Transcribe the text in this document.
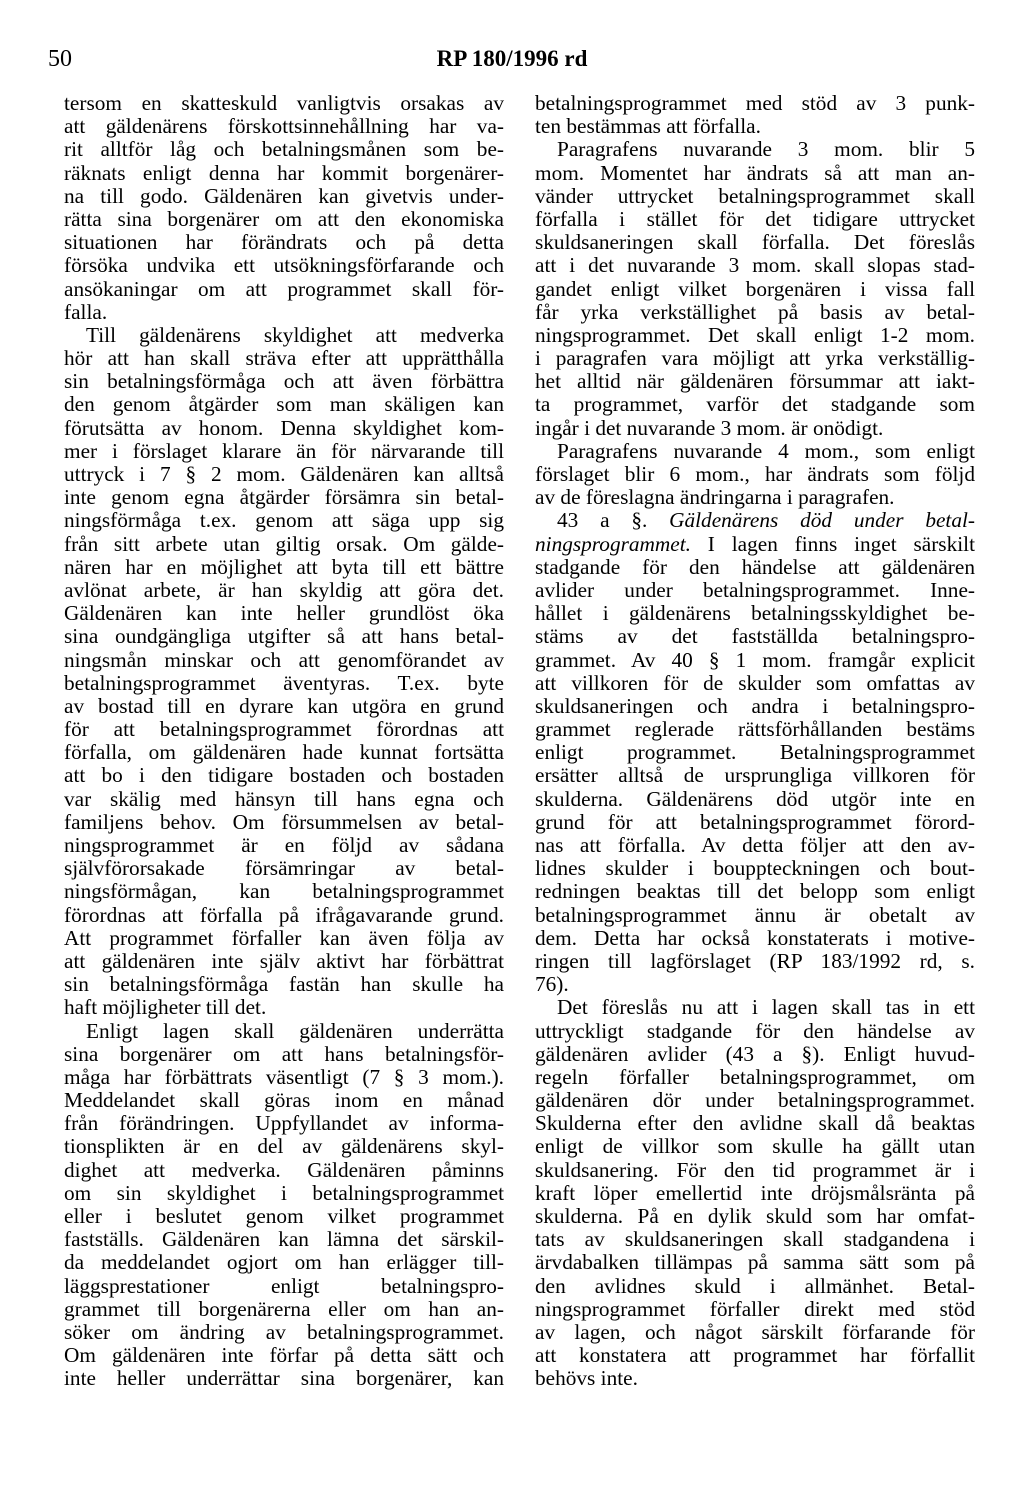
50	RP 180/1996 rd
tersom en skatteskuld vanligtvis orsakas av
att gäldenärens förskottsinnehållning har va-
rit alltför låg och betalningsmånen som be-
räknats enligt denna har kommit borgenärer-
na till godo. Gäldenären kan givetvis under-
rätta sina borgenärer om att den ekonomiska
situationen har förändrats och på detta
försöka undvika ett utsökningsförfarande och
ansökaningar om att programmet skall för-
falla.
Till gäldenärens skyldighet att medverka
hör att han skall sträva efter att upprätthålla
sin betalningsförmåga och att även förbättra
den genom åtgärder som man skäligen kan
förutsätta av honom. Denna skyldighet kom-
mer i förslaget klarare än för närvarande till
uttryck i 7 § 2 mom. Gäldenären kan alltså
inte genom egna åtgärder försämra sin betal-
ningsförmåga t.ex. genom att säga upp sig
från sitt arbete utan giltig orsak. Om gälde-
nären har en möjlighet att byta till ett bättre
avlönat arbete, är han skyldig att göra det.
Gäldenären kan inte heller grundlöst öka
sina oundgängliga utgifter så att hans betal-
ningsmån minskar och att genomförandet av
betalningsprogrammet äventyras. T.ex. byte
av bostad till en dyrare kan utgöra en grund
för att betalningsprogrammet förordnas att
förfalla, om gäldenären hade kunnat fortsätta
att bo i den tidigare bostaden och bostaden
var skälig med hänsyn till hans egna och
familjens behov. Om försummelsen av betal-
ningsprogrammet är en följd av sådana
självförorsakade försämringar av betal-
ningsförmågan, kan betalningsprogrammet
förordnas att förfalla på ifrågavarande grund.
Att programmet förfaller kan även följa av
att gäldenären inte själv aktivt har förbättrat
sin betalningsförmåga fastän han skulle ha
haft möjligheter till det.
Enligt lagen skall gäldenären underrätta
sina borgenärer om att hans betalningsför-
måga har förbättrats väsentligt (7 § 3 mom.).
Meddelandet skall göras inom en månad
från förändringen. Uppfyllandet av informa-
tionsplikten är en del av gäldenärens skyl-
dighet att medverka. Gäldenären påminns
om sin skyldighet i betalningsprogrammet
eller i beslutet genom vilket programmet
fastställs. Gäldenären kan lämna det särskil-
da meddelandet ogjort om han erlägger till-
läggsprestationer enligt betalningspro-
grammet till borgenärerna eller om han an-
söker om ändring av betalningsprogrammet.
Om gäldenären inte förfar på detta sätt och
inte heller underrättar sina borgenärer, kan
betalningsprogrammet med stöd av 3 punk-
ten bestämmas att förfalla.
Paragrafens nuvarande 3 mom. blir 5
mom. Momentet har ändrats så att man an-
vänder uttrycket betalningsprogrammet skall
förfalla i stället för det tidigare uttrycket
skuldsaneringen skall förfalla. Det föreslås
att i det nuvarande 3 mom. skall slopas stad-
gandet enligt vilket borgenären i vissa fall
får yrka verkställighet på basis av betal-
ningsprogrammet. Det skall enligt 1-2 mom.
i paragrafen vara möjligt att yrka verkställig-
het alltid när gäldenären försummar att iakt-
ta programmet, varför det stadgande som
ingår i det nuvarande 3 mom. är onödigt.
Paragrafens nuvarande 4 mom., som enligt
förslaget blir 6 mom., har ändrats som följd
av de föreslagna ändringarna i paragrafen.
43 a §. Gäldenärens död under betal-
ningsprogrammet. I lagen finns inget särskilt
stadgande för den händelse att gäldenären
avlider under betalningsprogrammet. Inne-
hållet i gäldenärens betalningsskyldighet be-
stäms av det fastställda betalningspro-
grammet. Av 40 § 1 mom. framgår explicit
att villkoren för de skulder som omfattas av
skuldsaneringen och andra i betalningspro-
grammet reglerade rättsförhållanden bestäms
enligt programmet. Betalningsprogrammet
ersätter alltså de ursprungliga villkoren för
skulderna. Gäldenärens död utgör inte en
grund för att betalningsprogrammet förord-
nas att förfalla. Av detta följer att den av-
lidnes skulder i bouppteckningen och bout-
redningen beaktas till det belopp som enligt
betalningsprogrammet ännu är obetalt av
dem. Detta har också konstaterats i motive-
ringen till lagförslaget (RP 183/1992 rd, s.
76).
Det föreslås nu att i lagen skall tas in ett
uttryckligt stadgande för den händelse av
gäldenären avlider (43 a §). Enligt huvud-
regeln förfaller betalningsprogrammet, om
gäldenären dör under betalningsprogrammet.
Skulderna efter den avlidne skall då beaktas
enligt de villkor som skulle ha gällt utan
skuldsanering. För den tid programmet är i
kraft löper emellertid inte dröjsmålsränta på
skulderna. På en dylik skuld som har omfat-
tats av skuldsaneringen skall stadgandena i
ärvdabalken tillämpas på samma sätt som på
den avlidnes skuld i allmänhet. Betal-
ningsprogrammet förfaller direkt med stöd
av lagen, och något särskilt förfarande för
att konstatera att programmet har förfallit
behövs inte.
